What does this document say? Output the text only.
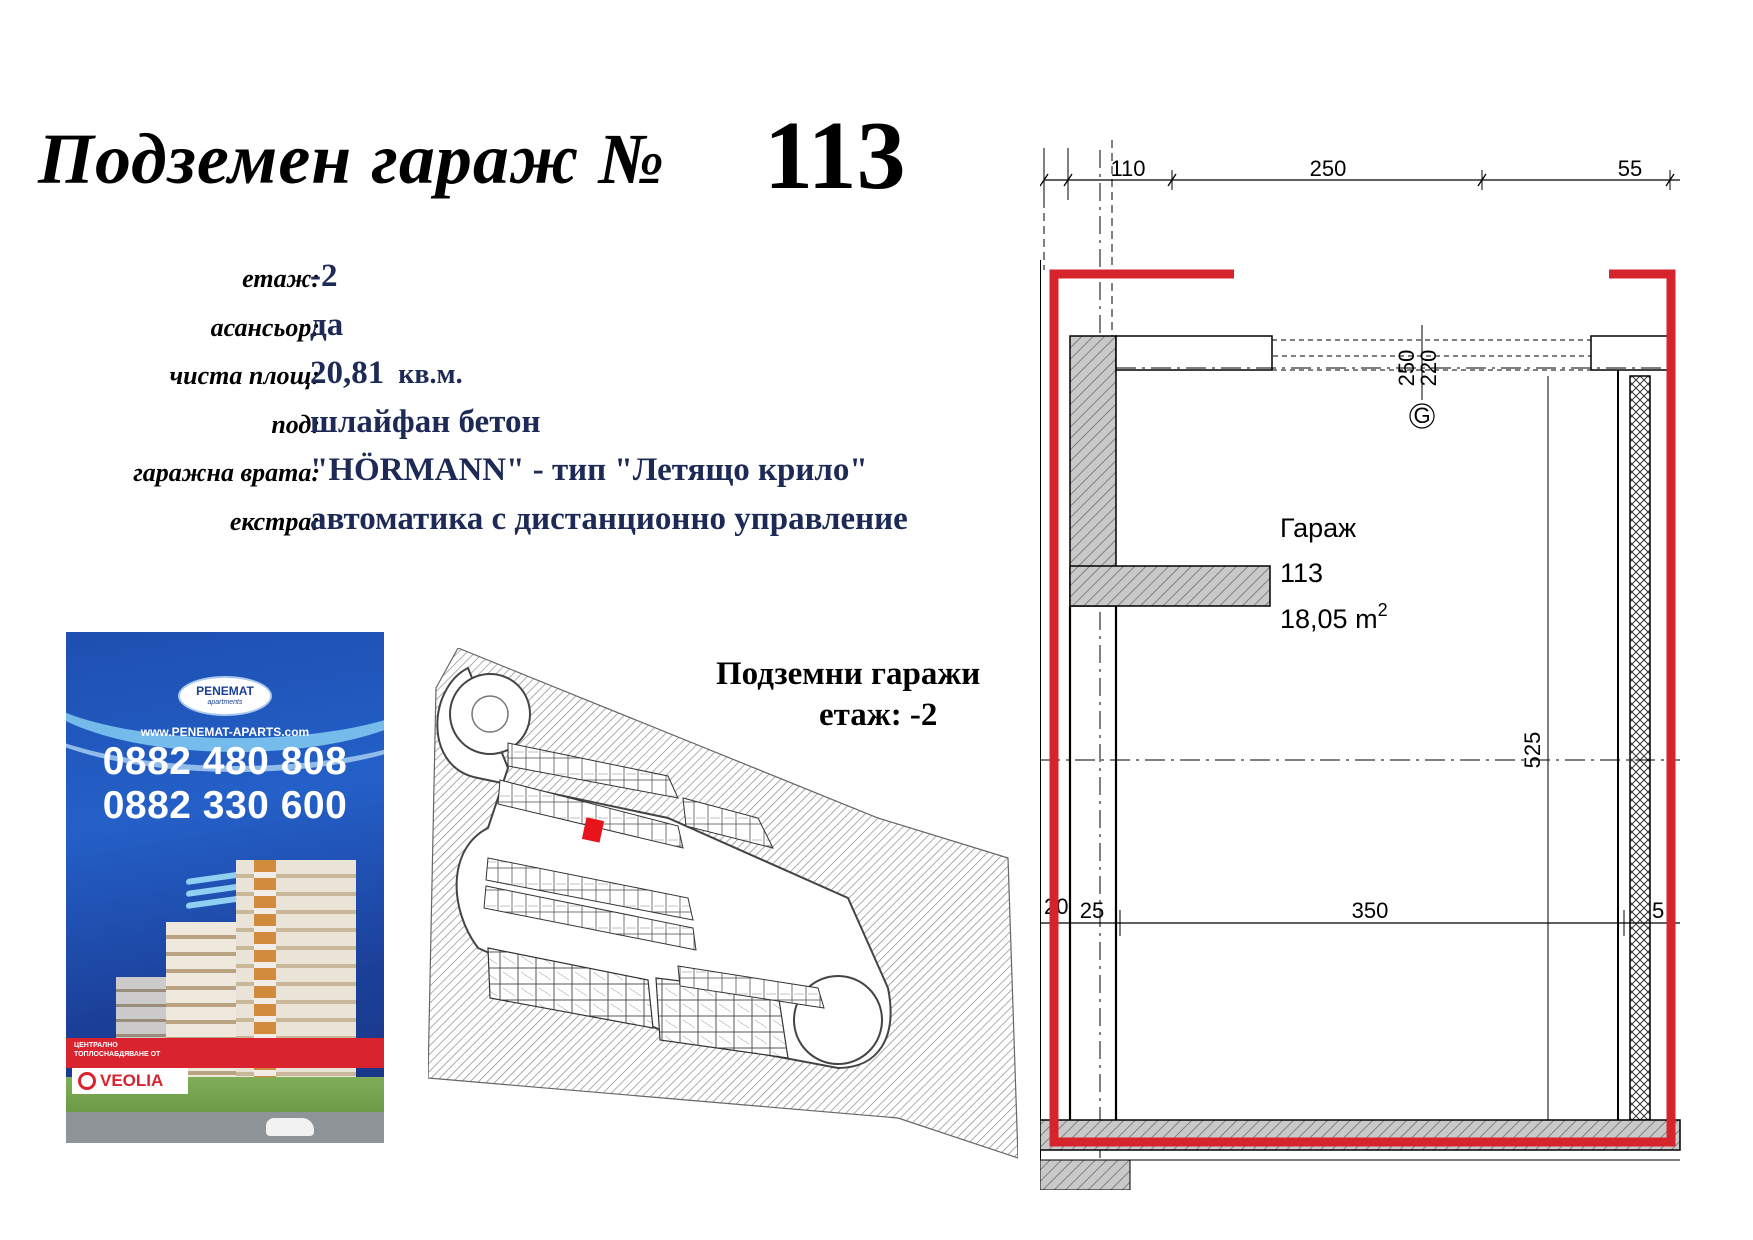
Подземен гараж № 113
етаж:
-2
асансьор:
да
чиста площ:
20,81 кв.м.
под:
шлайфан бетон
гаражна врата:
"HÖRMANN" - тип "Летящо крило"
екстра:
автоматика с дистанционно управление
PENEMAT
apartments
www.PENEMAT-APARTS.com
0882 480 808
0882 330 600
ЦЕНТРАЛНО ТОПЛОСНАБДЯВАНЕ ОТ
VEOLIA
Подземни гаражи
етаж: -2
110	250	55
250
220
G
525
20 25	350	5
Гараж
113
18,05 $m^2$
